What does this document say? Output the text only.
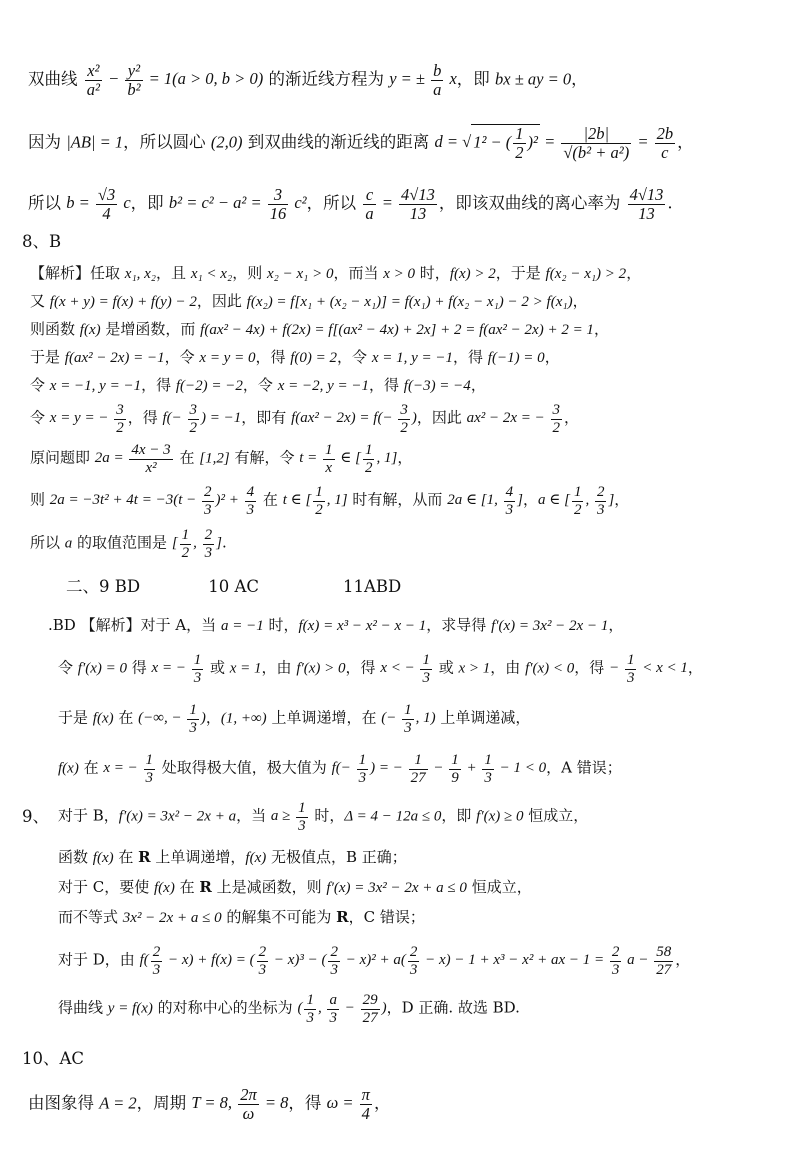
双曲线 $\frac{\text{x²}}{\text{a²}} - \frac{\text{y²}}{\text{b²}} = 1(a > 0$, b > 0) 的渐近线方程为 y = ± $\frac{b}{a}$ x，即 bx ± ay = 0，
因为 |AB| = 1，所以圆心 (2,0) 到双曲线的渐近线的距离 d = √ 1² − ( $\frac{1}{2} )^2 = \frac{|2b|}{\text{√(b² + a²)}} = \frac{2b}{c}$ ，
所以 $b = \frac{√3}{4}$ c，即 $b^2 = c^2 - a^2 = \frac{3}{16} c^2$，所以 $\frac{c}{a} = \frac{4√13}{13}$ ，即该双曲线的离心率为 $\frac{4√13}{13}$ .
8、B
【解析】任取 x₁, x₂，且 x₁ < x₂，则 x₂ − x₁ > 0，而当 x > 0 时，f(x) > 2，于是 f(x₂ − x₁) > 2，
又 f(x + y) = f(x) + f(y) − 2，因此 f(x₂) = f[x₁ + (x₂ − x₁)] = f(x₁) + f(x₂ − x₁) − 2 > f(x₁)，
则函数 f(x) 是增函数，而 f(ax² − 4x) + f(2x) = f[(ax² − 4x) + 2x] + 2 = f(ax² − 2x) + 2 = 1，
于是 f(ax² − 2x) = −1，令 x = y = 0，得 f(0) = 2，令 x = 1, y = −1，得 f(−1) = 0，
令 x = −1, y = −1，得 f(−2) = −2，令 x = −2, y = −1，得 f(−3) = −4，
令 x = y = − $\frac{3}{2}$ ，得 $f(- \frac{3}{2}$ ) = −1，即有 $f(ax^2 - 2x) = f(- \frac{3}{2}$ )，因此 ax² − 2x = − $\frac{3}{2}$ ，
原问题即 $2a = \frac{4x - 3}{\text{x²}}$ 在 [1,2] 有解，令 $t = \frac{1}{x}$ ∈ [ $\frac{1}{2}$ , 1]，
则 $2a = -3t^2 + 4t = -3(t - \frac{2}{3} )^2 + \frac{4}{3}$ 在 t ∈ [ $\frac{1}{2}$ , 1] 时有解，从而 2a ∈ [1, $\frac{4}{3}$ ]，a ∈ [ $\frac{1}{2}$ , $\frac{2}{3}$ ]，
所以 a 的取值范围是 [ $\frac{1}{2}$ , $\frac{2}{3}$ ].
二、9 BD             10 AC                11ABD
.BD 【解析】对于 A，当 a = −1 时，f(x) = x³ − x² − x − 1，求导得 f′(x) = 3x² − 2x − 1，
令 f′(x) = 0 得 x = − $\frac{1}{3}$ 或 x = 1，由 f′(x) > 0，得 x < − $\frac{1}{3}$ 或 x > 1，由 f′(x) < 0，得 − $\frac{1}{3} < x < 1$，
于是 f(x) 在 (−∞, − $\frac{1}{3}$ )，(1, +∞) 上单调递增，在 (− $\frac{1}{3}$ , 1) 上单调递减，
f(x) 在 x = − $\frac{1}{3}$ 处取得极大值，极大值为 $f(- \frac{1}{3}$ ) = − $\frac{1}{27} - \frac{1}{9} + \frac{1}{3} - 1 < 0$，A 错误；
9、 对于 B，f′(x) = 3x² − 2x + a，当 $a \ge \frac{1}{3}$ 时，Δ = 4 − 12a ≤ 0，即 f′(x) ≥ 0 恒成立，
函数 f(x) 在 R 上单调递增，f(x) 无极值点，B 正确；
对于 C，要使 f(x) 在 R 上是减函数，则 f′(x) = 3x² − 2x + a ≤ 0 恒成立，
而不等式 3x² − 2x + a ≤ 0 的解集不可能为 R，C 错误；
对于 D，由 $f( \frac{2}{3} - x) + f(x)$ = ( $\frac{2}{3} - x)^3$ − ( $\frac{2}{3} - x)^2 + a( \frac{2}{3} - x) - 1 + x^3 - x^2$ + ax − $1 = \frac{2}{3}$ $a - \frac{58}{27}$ ，
得曲线 y = f(x) 的对称中心的坐标为 ( $\frac{1}{3}$ , $\frac{a}{3} - \frac{29}{27}$ )，D 正确. 故选 BD.
10、AC
由图象得 A = 2，周期 T = 8, $\frac{2\pi}{\omega} = 8$，得 $\omega = \frac{\pi}{4}$ ，
